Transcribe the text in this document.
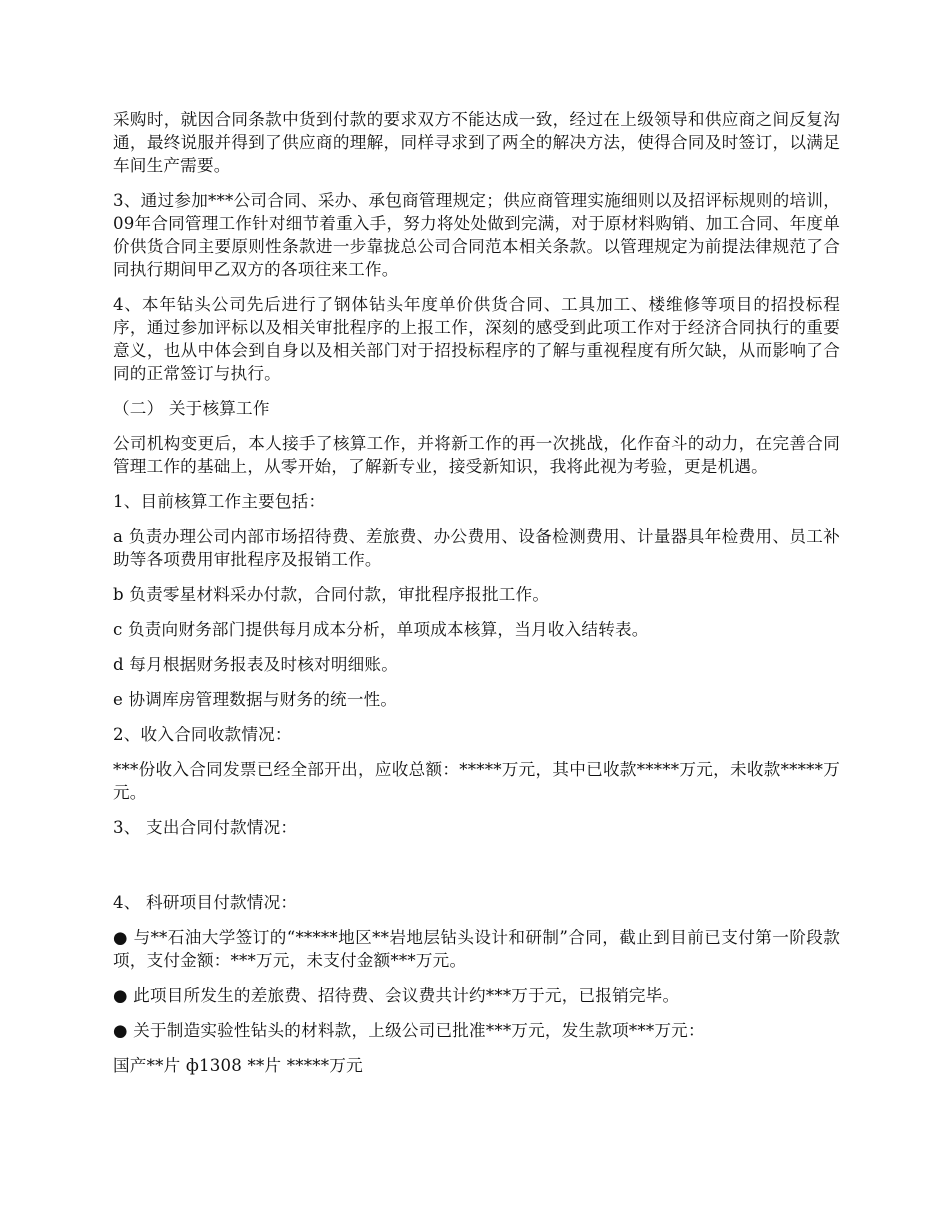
采购时，就因合同条款中货到付款的要求双方不能达成一致，经过在上级领导和供应商之间反复沟通，最终说服并得到了供应商的理解，同样寻求到了两全的解决方法，使得合同及时签订，以满足车间生产需要。

3、通过参加***公司合同、采办、承包商管理规定；供应商管理实施细则以及招评标规则的培训，09年合同管理工作针对细节着重入手，努力将处处做到完满，对于原材料购销、加工合同、年度单价供货合同主要原则性条款进一步靠拢总公司合同范本相关条款。以管理规定为前提法律规范了合同执行期间甲乙双方的各项往来工作。

4、本年钻头公司先后进行了钢体钻头年度单价供货合同、工具加工、楼维修等项目的招投标程序，通过参加评标以及相关审批程序的上报工作，深刻的感受到此项工作对于经济合同执行的重要意义，也从中体会到自身以及相关部门对于招投标程序的了解与重视程度有所欠缺，从而影响了合同的正常签订与执行。

（二） 关于核算工作

公司机构变更后，本人接手了核算工作，并将新工作的再一次挑战，化作奋斗的动力，在完善合同管理工作的基础上，从零开始，了解新专业，接受新知识，我将此视为考验，更是机遇。

1、目前核算工作主要包括：

a 负责办理公司内部市场招待费、差旅费、办公费用、设备检测费用、计量器具年检费用、员工补助等各项费用审批程序及报销工作。

b 负责零星材料采办付款，合同付款，审批程序报批工作。

c 负责向财务部门提供每月成本分析，单项成本核算，当月收入结转表。

d 每月根据财务报表及时核对明细账。

e 协调库房管理数据与财务的统一性。

2、收入合同收款情况：

***份收入合同发票已经全部开出，应收总额：*****万元，其中已收款*****万元，未收款*****万元。

3、 支出合同付款情况：

4、 科研项目付款情况：

● 与**石油大学签订的“*****地区**岩地层钻头设计和研制”合同，截止到目前已支付第一阶段款项，支付金额：***万元，未支付金额***万元。

● 此项目所发生的差旅费、招待费、会议费共计约***万于元，已报销完毕。

● 关于制造实验性钻头的材料款，上级公司已批准***万元，发生款项***万元：

国产**片 ф1308 **片 *****万元
